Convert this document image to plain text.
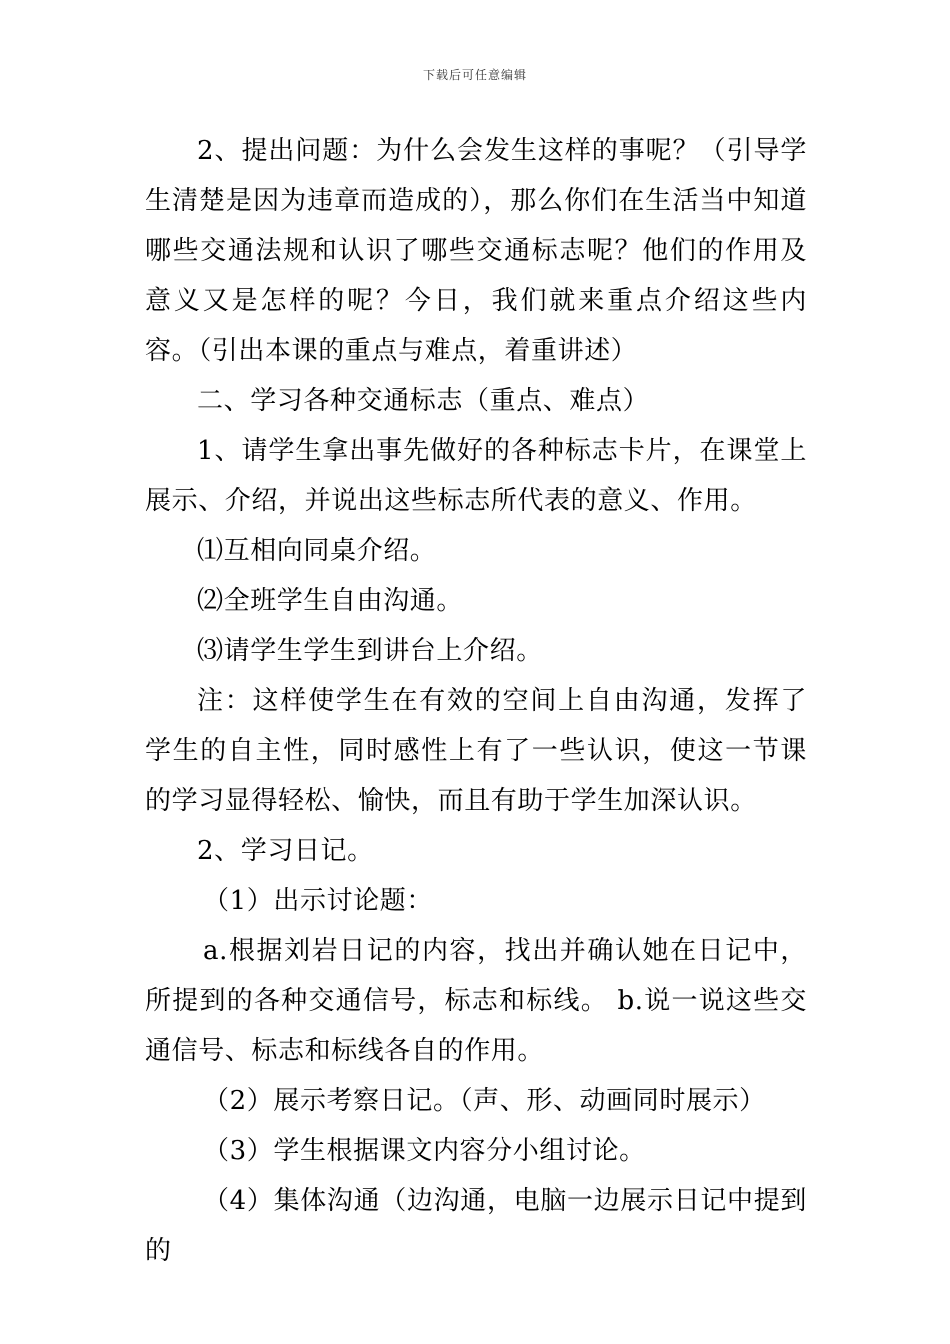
下载后可任意编辑

2、提出问题：为什么会发生这样的事呢？（引导学生清楚是因为违章而造成的），那么你们在生活当中知道哪些交通法规和认识了哪些交通标志呢？他们的作用及意义又是怎样的呢？今日，我们就来重点介绍这些内容。（引出本课的重点与难点，着重讲述）

二、学习各种交通标志（重点、难点）

1、请学生拿出事先做好的各种标志卡片，在课堂上展示、介绍，并说出这些标志所代表的意义、作用。

⑴互相向同桌介绍。

⑵全班学生自由沟通。

⑶请学生学生到讲台上介绍。

注：这样使学生在有效的空间上自由沟通，发挥了学生的自主性，同时感性上有了一些认识，使这一节课的学习显得轻松、愉快，而且有助于学生加深认识。

2、学习日记。

（1）出示讨论题：

a.根据刘岩日记的内容，找出并确认她在日记中，所提到的各种交通信号，标志和标线。 b.说一说这些交通信号、标志和标线各自的作用。

（2）展示考察日记。（声、形、动画同时展示）

（3）学生根据课文内容分小组讨论。

（4）集体沟通（边沟通，电脑一边展示日记中提到的
